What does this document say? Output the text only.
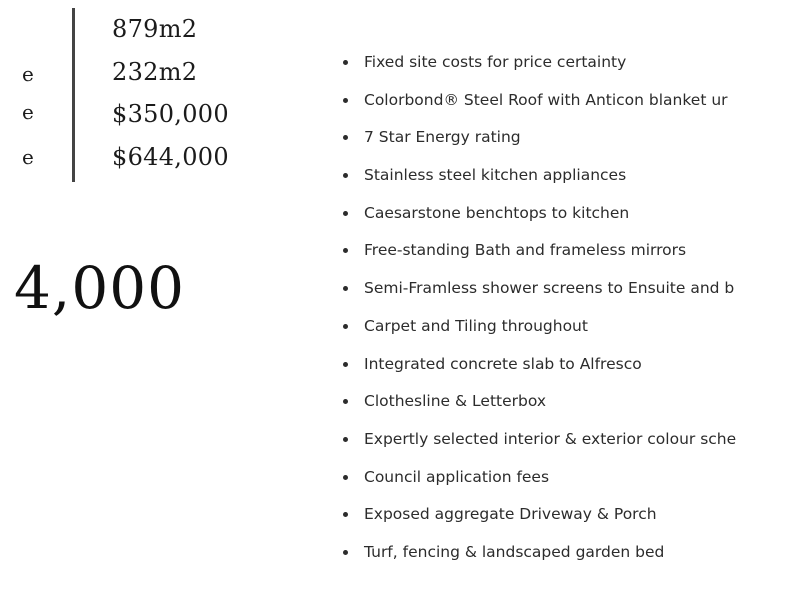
e
e
e
879m2
232m2
$350,000
$644,000
4,000
Fixed site costs for price certainty
Colorbond® Steel Roof with Anticon blanket ur
7 Star Energy rating
Stainless steel kitchen appliances
Caesarstone benchtops to kitchen
Free-standing Bath and frameless mirrors
Semi-Framless shower screens to Ensuite and b
Carpet and Tiling throughout
Integrated concrete slab to Alfresco
Clothesline & Letterbox
Expertly selected interior & exterior colour sche
Council application fees
Exposed aggregate Driveway & Porch
Turf, fencing & landscaped garden bed
